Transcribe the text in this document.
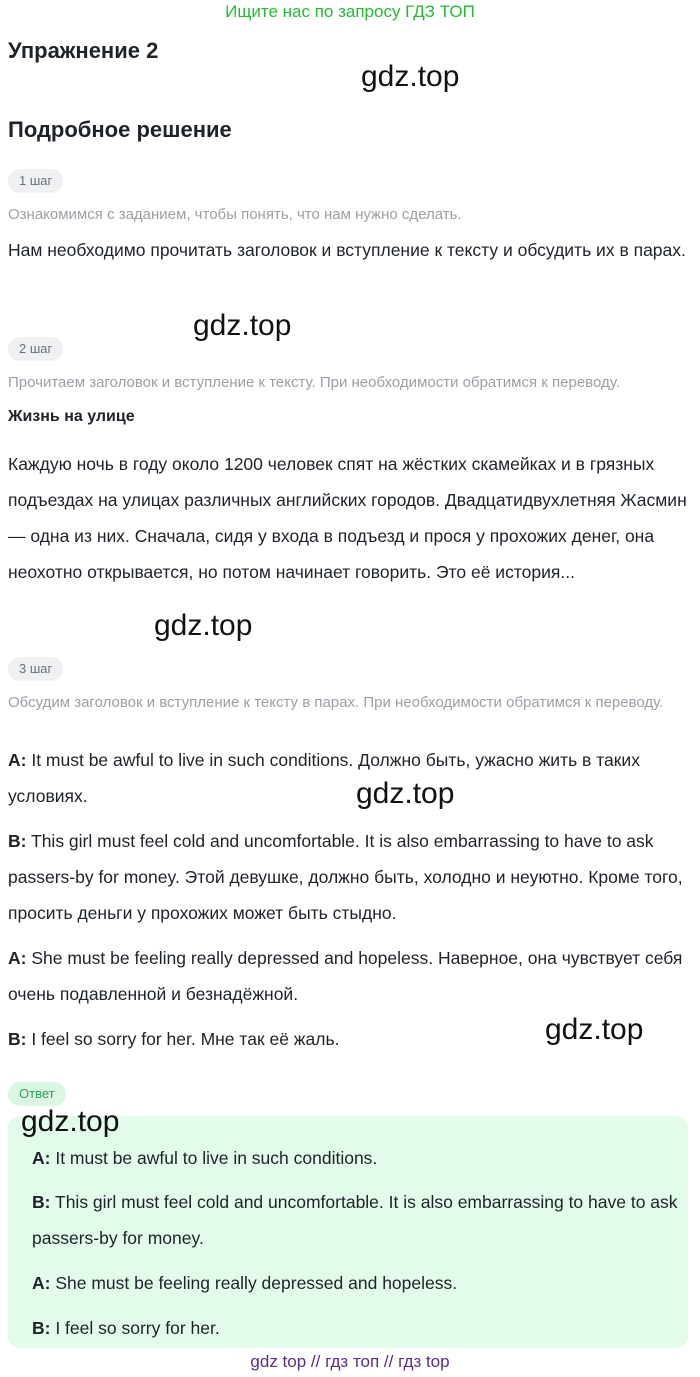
Ищите нас по запросу ГДЗ ТОП
Упражнение 2
gdz.top
Подробное решение
1 шаг
Ознакомимся с заданием, чтобы понять, что нам нужно сделать.
Нам необходимо прочитать заголовок и вступление к тексту и обсудить их в парах.
gdz.top
2 шаг
Прочитаем заголовок и вступление к тексту. При необходимости обратимся к переводу.
Жизнь на улице
Каждую ночь в году около 1200 человек спят на жёстких скамейках и в грязных подъездах на улицах различных английских городов. Двадцатидвухлетняя Жасмин — одна из них. Сначала, сидя у входа в подъезд и прося у прохожих денег, она неохотно открывается, но потом начинает говорить. Это её история...
gdz.top
3 шаг
Обсудим заголовок и вступление к тексту в парах. При необходимости обратимся к переводу.
A: It must be awful to live in such conditions. Должно быть, ужасно жить в таких условиях.	gdz.top
B: This girl must feel cold and uncomfortable. It is also embarrassing to have to ask passers-by for money. Этой девушке, должно быть, холодно и неуютно. Кроме того, просить деньги у прохожих может быть стыдно.
A: She must be feeling really depressed and hopeless. Наверное, она чувствует себя очень подавленной и безнадёжной.
B: I feel so sorry for her. Мне так её жаль.	gdz.top
Ответ
gdz.top
A: It must be awful to live in such conditions.
B: This girl must feel cold and uncomfortable. It is also embarrassing to have to ask passers-by for money.
A: She must be feeling really depressed and hopeless.
B: I feel so sorry for her.
gdz top // гдз топ // гдз top
